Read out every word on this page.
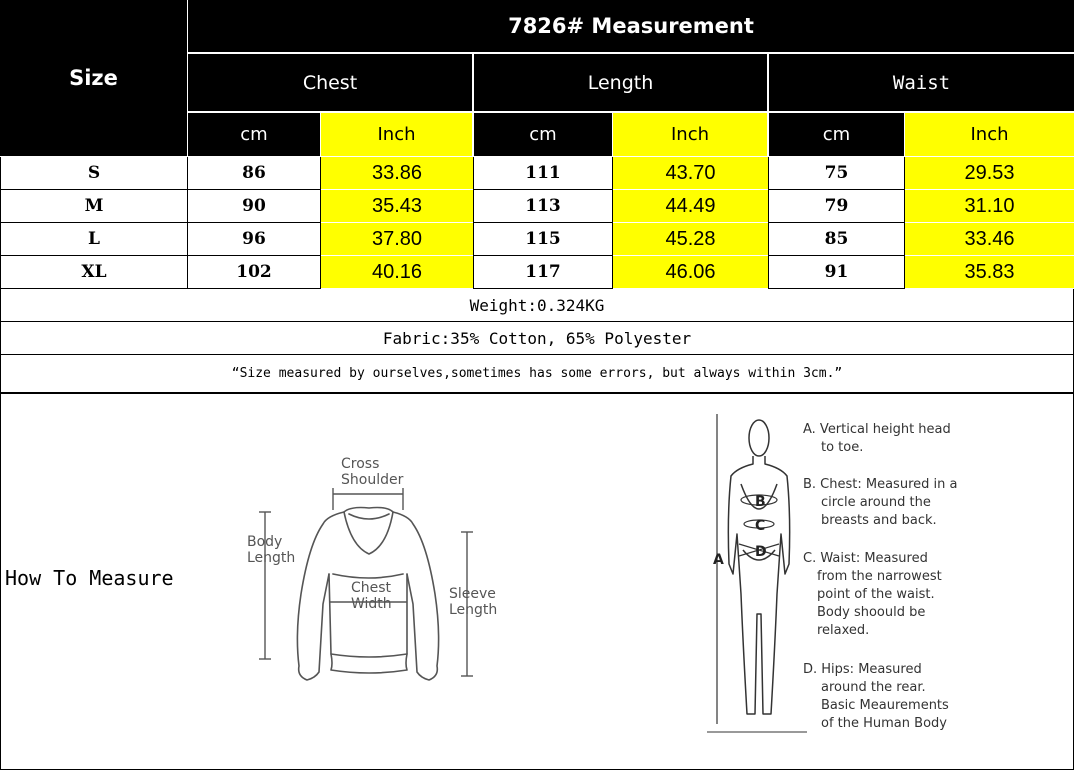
Size
7826# Measurement
Chest	Length	Waist
cm	Inch	cm	Inch	cm	Inch
S	86	33.86	111	43.70	75	29.53
M	90	35.43	113	44.49	79	31.10
L	96	37.80	115	45.28	85	33.46
XL	102	40.16	117	46.06	91	35.83
Weight:0.324KG
Fabric:35% Cotton, 65% Polyester
“Size measured by ourselves,sometimes has some errors, but always within 3cm.”
How To Measure
Cross
Shoulder
Body
Length
Chest
Width
Sleeve
Length
A
B
C
D
A. Vertical height head
to toe.
B. Chest: Measured in a
circle around the
breasts and back.
C. Waist: Measured
from the narrowest
point of the waist.
Body shoould be
relaxed.
D. Hips: Measured
around the rear.
Basic Meaurements
of the Human Body
